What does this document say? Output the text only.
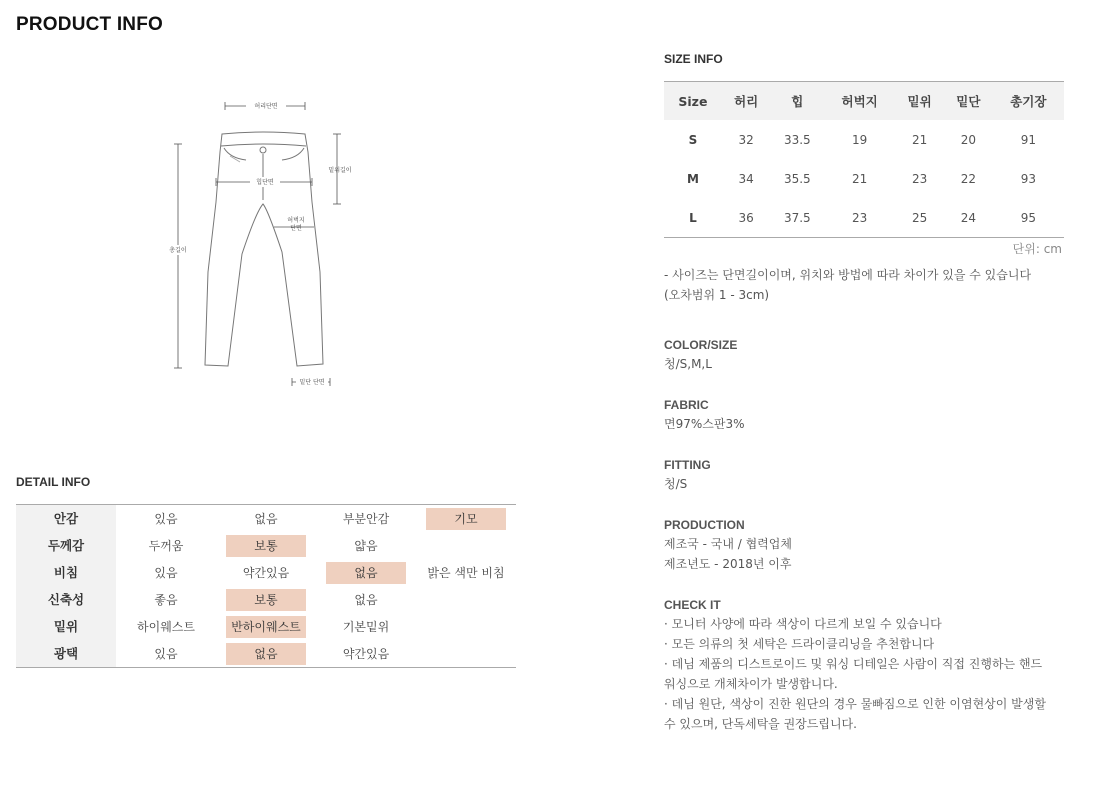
PRODUCT INFO
허리단면
힙단면
밑위길이
허벅지
단면
총길이
밑단 단면
DETAIL INFO
안감	있음	없음	부분안감	기모
두께감	두꺼움	보통	얇음
비침	있음	약간있음	없음	밝은 색만 비침
신축성	좋음	보통	없음
밑위	하이웨스트	반하이웨스트	기본밑위
광택	있음	없음	약간있음
SIZE INFO
Size	허리	힙	허벅지	밑위	밑단	총기장
S	32	33.5	19	21	20	91
M	34	35.5	21	23	22	93
L	36	37.5	23	25	24	95
단위: cm
- 사이즈는 단면길이이며, 위치와 방법에 따라 차이가 있을 수 있습니다
(오차범위 1 - 3cm)
COLOR/SIZE
청/S,M,L
FABRIC
면97%스판3%
FITTING
청/S
PRODUCTION
제조국 - 국내 / 협력업체
제조년도 - 2018년 이후
CHECK IT
· 모니터 사양에 따라 색상이 다르게 보일 수 있습니다
· 모든 의류의 첫 세탁은 드라이클리닝을 추천합니다
· 데님 제품의 디스트로이드 및 워싱 디테일은 사람이 직접 진행하는 핸드
워싱으로 개체차이가 발생합니다.
· 데님 원단, 색상이 진한 원단의 경우 물빠짐으로 인한 이염현상이 발생할
수 있으며, 단독세탁을 권장드립니다.
